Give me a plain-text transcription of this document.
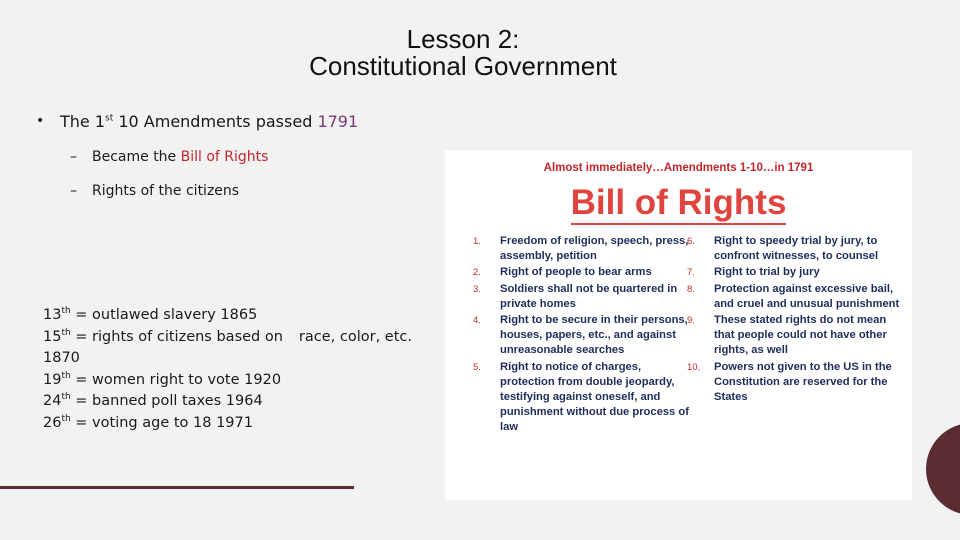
Lesson 2:
Constitutional Government
• The 1st 10 Amendments passed 1791
–	Became the Bill of Rights
–	Rights of the citizens
13th = outlawed slavery 1865
15th = rights of citizens based on race, color, etc.
1870
19th = women right to vote 1920
24th = banned poll taxes 1964
26th = voting age to 18 1971
Almost immediately…Amendments 1-10…in 1791
Bill of Rights
1.	Freedom of religion, speech, press, assembly, petition
2.	Right of people to bear arms
3.	Soldiers shall not be quartered in private homes
4.	Right to be secure in their persons, houses, papers, etc., and against unreasonable searches
5.	Right to notice of charges, protection from double jeopardy, testifying against oneself, and punishment without due process of law
6.	Right to speedy trial by jury, to confront witnesses, to counsel
7.	Right to trial by jury
8.	Protection against excessive bail, and cruel and unusual punishment
9.	These stated rights do not mean that people could not have other rights, as well
10.	Powers not given to the US in the Constitution are reserved for the States
